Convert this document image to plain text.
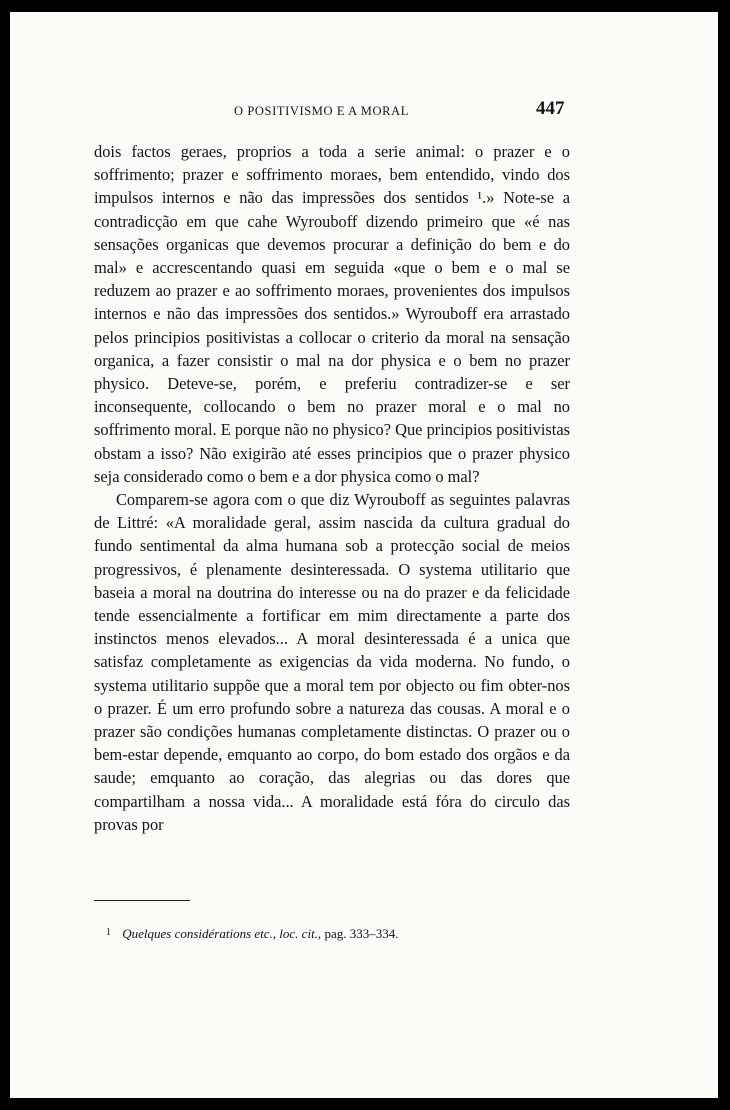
O POSITIVISMO E A MORAL	447

dois factos geraes, proprios a toda a serie animal: o prazer e o soffrimento; prazer e soffrimento moraes, bem entendido, vindo dos impulsos internos e não das impressões dos sentidos ¹.» Note-se a contradicção em que cahe Wyrouboff dizendo primeiro que «é nas sensações organicas que devemos procurar a definição do bem e do mal» e accrescentando quasi em seguida «que o bem e o mal se reduzem ao prazer e ao soffrimento moraes, provenientes dos impulsos internos e não das impressões dos sentidos.» Wyrouboff era arrastado pelos principios positivistas a collocar o criterio da moral na sensação organica, a fazer consistir o mal na dor physica e o bem no prazer physico. Deteve-se, porém, e preferiu contradizer-se e ser inconsequente, collocando o bem no prazer moral e o mal no soffrimento moral. E porque não no physico? Que principios positivistas obstam a isso? Não exigirão até esses principios que o prazer physico seja considerado como o bem e a dor physica como o mal?

Comparem-se agora com o que diz Wyrouboff as seguintes palavras de Littré: «A moralidade geral, assim nascida da cultura gradual do fundo sentimental da alma humana sob a protecção social de meios progressivos, é plenamente desinteressada. O systema utilitario que baseia a moral na doutrina do interesse ou na do prazer e da felicidade tende essencialmente a fortificar em mim directamente a parte dos instinctos menos elevados... A moral desinteressada é a unica que satisfaz completamente as exigencias da vida moderna. No fundo, o systema utilitario suppõe que a moral tem por objecto ou fim obter-nos o prazer. É um erro profundo sobre a natureza das cousas. A moral e o prazer são condições humanas completamente distinctas. O prazer ou o bem-estar depende, emquanto ao corpo, do bom estado dos orgãos e da saude; emquanto ao coração, das alegrias ou das dores que compartilham a nossa vida... A moralidade está fóra do circulo das provas por

$^1$ Quelques considérations etc., loc. cit., pag. 333–334.
